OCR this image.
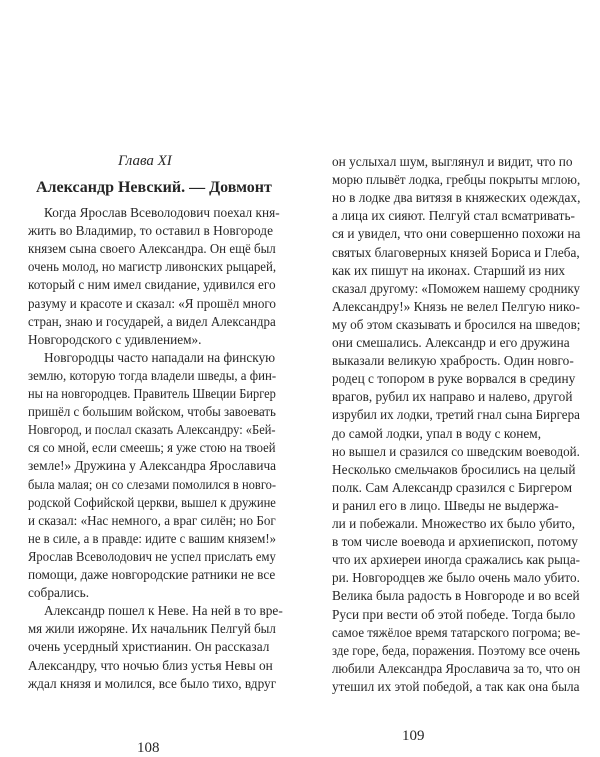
Глава XI
Александр Невский. — Довмонт
Когда Ярослав Всеволодович поехал кня-
жить во Владимир, то оставил в Новгороде
князем сына своего Александра. Он ещё был
очень молод, но магистр ливонских рыцарей,
который с ним имел свидание, удивился его
разуму и красоте и сказал: «Я прошёл много
стран, знаю и государей, а видел Александра
Новгородского с удивлением».
Новгородцы часто нападали на финскую
землю, которую тогда владели шведы, а фин-
ны на новгородцев. Правитель Швеции Биргер
пришёл с большим войском, чтобы завоевать
Новгород, и послал сказать Александру: «Бей-
ся со мной, если смеешь; я уже стою на твоей
земле!» Дружина у Александра Ярославича
была малая; он со слезами помолился в новго-
родской Софийской церкви, вышел к дружине
и сказал: «Нас немного, а враг силён; но Бог
не в силе, а в правде: идите с вашим князем!»
Ярослав Всеволодович не успел прислать ему
помощи, даже новгородские ратники не все
собрались.
Александр пошел к Неве. На ней в то вре-
мя жили ижоряне. Их начальник Пелгуй был
очень усердный христианин. Он рассказал
Александру, что ночью близ устья Невы он
ждал князя и молился, все было тихо, вдруг
108
он услыхал шум, выглянул и видит, что по
морю плывёт лодка, гребцы покрыты мглою,
но в лодке два витязя в княжеских одеждах,
а лица их сияют. Пелгуй стал всматривать-
ся и увидел, что они совершенно похожи на
святых благоверных князей Бориса и Глеба,
как их пишут на иконах. Старший из них
сказал другому: «Поможем нашему сроднику
Александру!» Князь не велел Пелгую нико-
му об этом сказывать и бросился на шведов;
они смешались. Александр и его дружина
выказали великую храбрость. Один новго-
родец с топором в руке ворвался в средину
врагов, рубил их направо и налево, другой
изрубил их лодки, третий гнал сына Биргера
до самой лодки, упал в воду с конем,
но вышел и сразился со шведским воеводой.
Несколько смельчаков бросились на целый
полк. Сам Александр сразился с Биргером
и ранил его в лицо. Шведы не выдержа-
ли и побежали. Множество их было убито,
в том числе воевода и архиепископ, потому
что их архиереи иногда сражались как рыца-
ри. Новгородцев же было очень мало убито.
Велика была радость в Новгороде и во всей
Руси при вести об этой победе. Тогда было
самое тяжёлое время татарского погрома; ве-
зде горе, беда, поражения. Поэтому все очень
любили Александра Ярославича за то, что он
утешил их этой победой, а так как она была
109
